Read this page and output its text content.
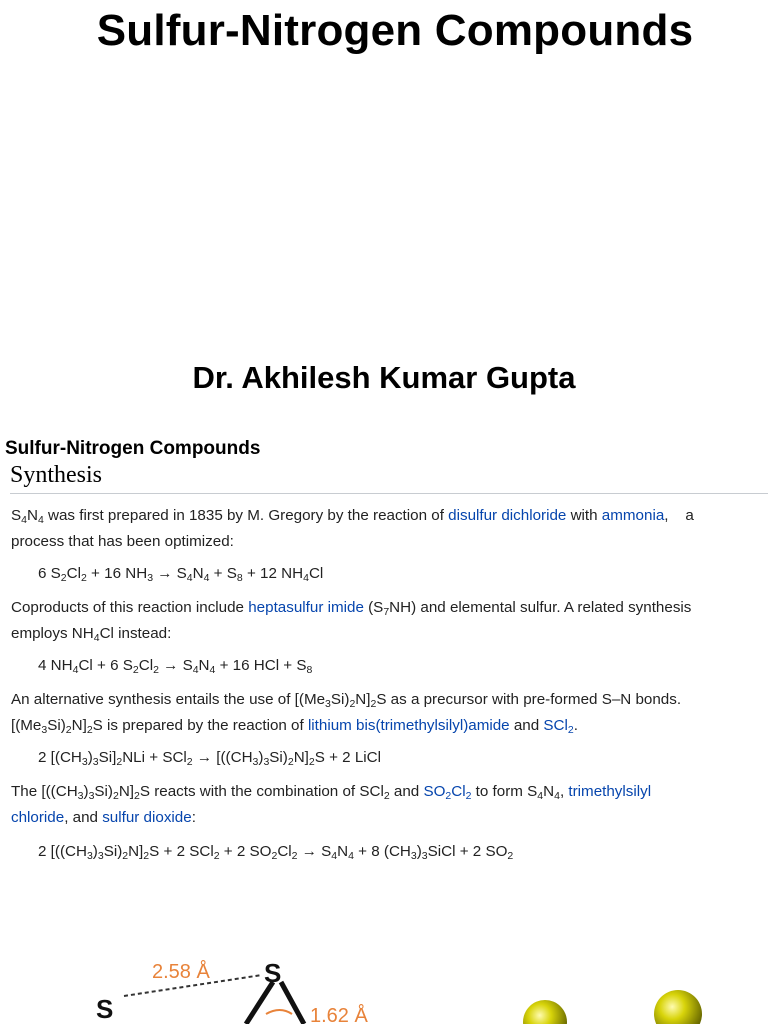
Sulfur-Nitrogen Compounds
Dr. Akhilesh Kumar Gupta
Sulfur-Nitrogen Compounds
Synthesis
$S_4N_4$ was first prepared in 1835 by M. Gregory by the reaction of disulfur dichloride with ammonia,    a
process that has been optimized:
6 $S_2Cl_2 + 16$ $NH_3 \to S_4N_4 + S_8 + 12$ $NH_4Cl$
Coproducts of this reaction include heptasulfur imide $(S_7NH)$ and elemental sulfur. A related synthesis
employs $NH_4Cl$ instead:
4 $NH_4Cl + 6$ $S_2Cl_2 \to S_4N_4 + 16$ HCl + $S_8$
An alternative synthesis entails the use of $[(Me_3Si)_2N]_2S$ as a precursor with pre-formed S–N bonds.
$[(Me_3Si)_2N]_2S$ is prepared by the reaction of lithium bis(trimethylsilyl)amide and SCl$_2$.
2 $[(CH_3)_3Si]_2NLi + SCl_2 \to [((CH_3)_3Si)_2N]_2S + 2$ LiCl
The $[((CH_3)_3Si)_2N]_2S$ reacts with the combination of SCl$_2$ and $SO_2Cl_2$ to form $S_4N_4$, trimethylsilyl
chloride, and sulfur dioxide:
2 $[((CH_3)_3Si)_2N]_2S + 2$ SCl$_2$ + 2 $SO_2Cl_2 \to S_4N_4 + 8$ $(CH_3)_3SiCl + 2$ $SO_2$
2.58 Å S
S	1.62 Å
